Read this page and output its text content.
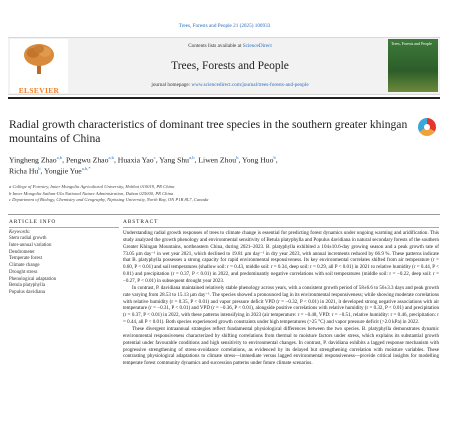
Trees, Forests and People 21 (2025) 100933
ELSEVIER
Contents lists available at ScienceDirect
Trees, Forests and People
journal homepage: www.sciencedirect.com/journal/trees-forests-and-people
Trees, Forests and People
Radial growth characteristics of dominant tree species in the southern greater khingan mountains of China
Yingheng Zhao$^{a,b}$, Pengwu Zhao$^{a,b}$, Huaxia Yao$^c$, Yang Shu$^{a,b}$, Liwen Zhou$^b$, Yong Huo$^b$,
Richa Hu$^b$, Yongjie Yue$^{a,b,*}$
a College of Forestry, Inner Mongolia Agricultural University, Hohhot 010019, PR China
b Inner Mongolia Saihan-Ula National Nature Administration, Daban 025000, PR China
c Department of Biology, Chemistry and Geography, Nipissing University, North Bay, ON P1B 8L7, Canada
ARTICLE INFO
Keywords:
Stem radial growth
Inter-annual variation
Dendrometer
Temperate forest
Climate change
Drought stress
Phenological adaptation
Betula platyphylla
Populus davidiana
ABSTRACT

Understanding radial growth responses of trees to climate change is essential for predicting forest dynamics under ongoing warming and aridification. This study analyzed the growth phenology and environmental sensitivity of Betula platyphylla and Populus davidiana in natural secondary forests of the southern Greater Khingan Mountains, northeastern China, during 2021–2023. B. platyphylla exhibited a 104±10.6-day growing season and a peak growth rate of 73.05 µm day⁻¹ in wet year 2021, which declined to 19.81 µm day⁻¹ in dry year 2023, with annual increments reduced by 66.9 %. These patterns indicate that B. platyphylla possesses a strong capacity for rapid environmental responsiveness. Its key environmental correlates shifted from air temperature (r = 0.60, P < 0.01) and soil temperatures (shallow soil: r = 0.43, middle soil: r = 0.34, deep soil: r = 0.29, all P < 0.01) in 2021 to relative humidity (r = 0.44, P < 0.01) and precipitation (r = 0.37, P < 0.01) in 2022, and predominantly negative correlations with soil temperatures (middle soil: r = −0.22, deep soil: r = −0.27, P < 0.01) in subsequent drought year 2023.

In contrast, P. davidiana maintained relatively stable phenology across years, with a consistent growth period of 58±6.6 to 56±3.3 days and peak growth rate varying from 28.53 to 15.13 µm day⁻¹. The species showed a pronounced lag in its environmental responsiveness; while showing moderate correlations with relative humidity (r = 0.35, P < 0.01) and vapor pressure deficit VPD (r = −0.32, P < 0.01) in 2021, it developed strong negative associations with air temperature (r = −0.31, P < 0.01) and VPD (r = −0.36, P < 0.01), alongside positive correlations with relative humidity (r = 0.32, P < 0.01) and precipitation (r = 0.37, P < 0.01) in 2022, with these patterns intensifying in 2023 (air temperature: r = −0.48, VPD: r = −0.51, relative humidity: r = 0.46, precipitation: r = 0.44, all P < 0.01). Both species experienced growth constraints under high temperatures (>25 °C) and vapor pressure deficit (>2.0 kPa) in 2022.

These divergent intraannual strategies reflect fundamental physiological differences between the two species. B. platyphylla demonstrates dynamic environmental responsiveness characterized by shifting correlations from thermal to moisture factors under stress, which explains its substantial growth potential under favourable conditions and high sensitivity to environmental changes. In contrast, P. davidiana exhibits a lagged response mechanism with progressive strengthening of stress-avoidance correlations, as evidenced by its delayed but strengthening correlation with moisture variables. These contrasting physiological adaptations to climate stress—immediate versus lagged environmental responsiveness—provide critical insights for modelling temperate forest community dynamics and succession patterns under future climate scenarios.
